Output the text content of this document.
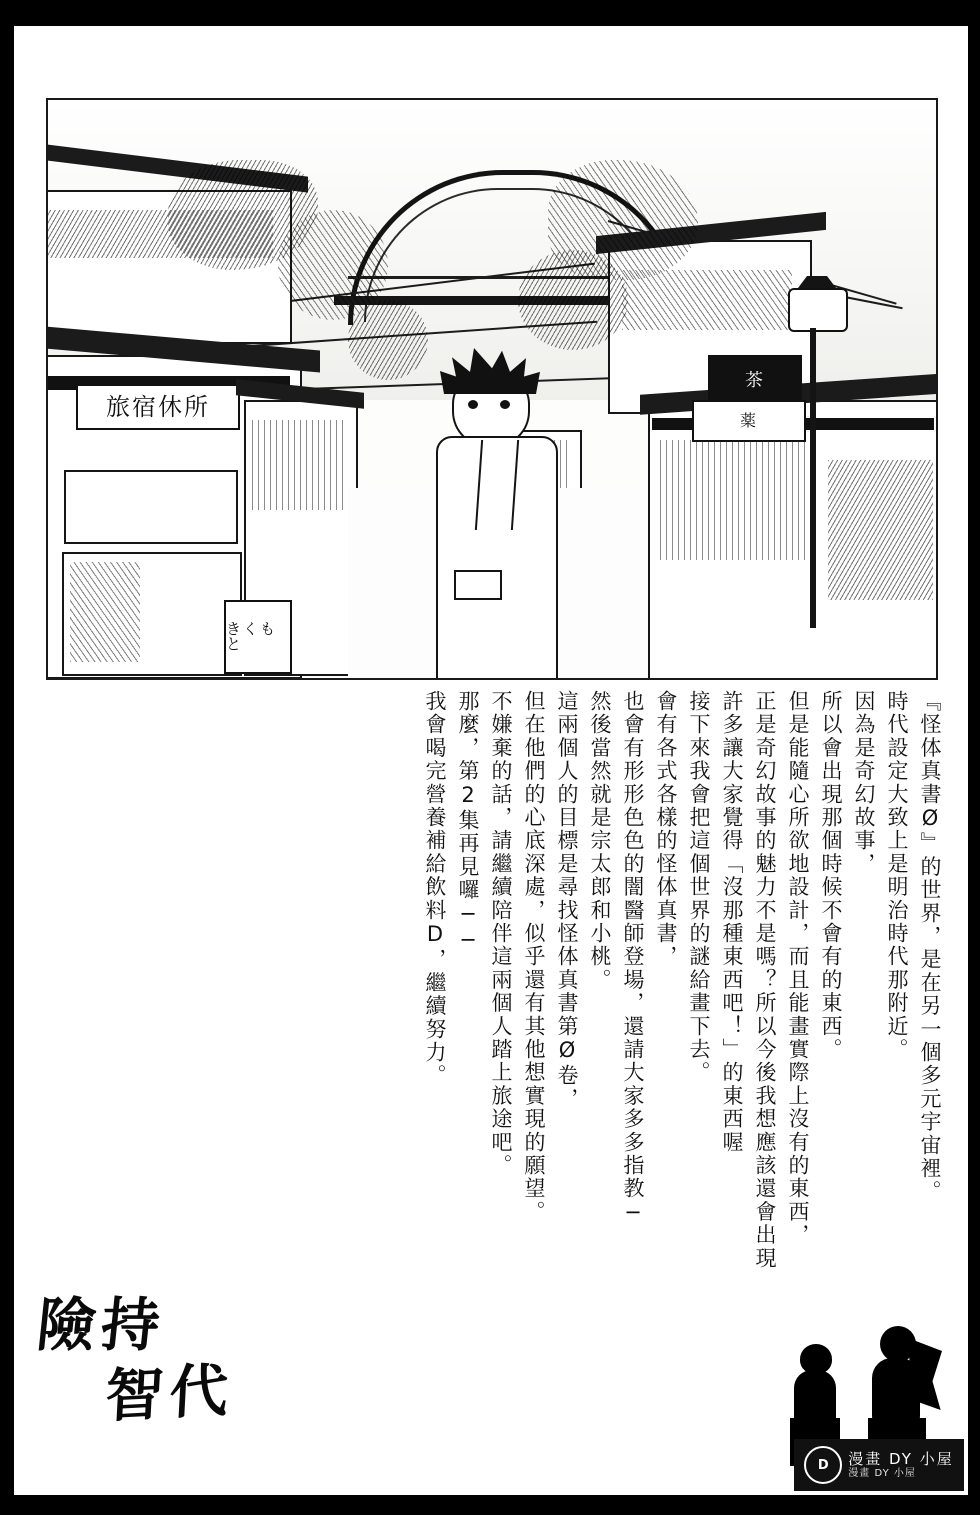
旅宿休所
きくもと
茶
薬
『怪体真書Ø』的世界，是在另一個多元宇宙裡。
時代設定大致上是明治時代那附近。
因為是奇幻故事，
所以會出現那個時候不會有的東西。
但是能隨心所欲地設計，而且能畫實際上沒有的東西，
正是奇幻故事的魅力不是嗎？所以今後我想應該還會出現
許多讓大家覺得「沒那種東西吧！」的東西喔
接下來我會把這個世界的謎給畫下去。
會有各式各樣的怪体真書，
也會有形形色色的闇醫師登場，還請大家多多指教─
然後當然就是宗太郎和小桃。
這兩個人的目標是尋找怪体真書第Ø卷，
但在他們的心底深處，似乎還有其他想實現的願望。
不嫌棄的話，請繼續陪伴這兩個人踏上旅途吧。
那麼，第2集再見囉──
我會喝完營養補給飲料D，繼續努力。
險持
智代
D	漫畫 DY 小屋
漫畫 DY 小屋
